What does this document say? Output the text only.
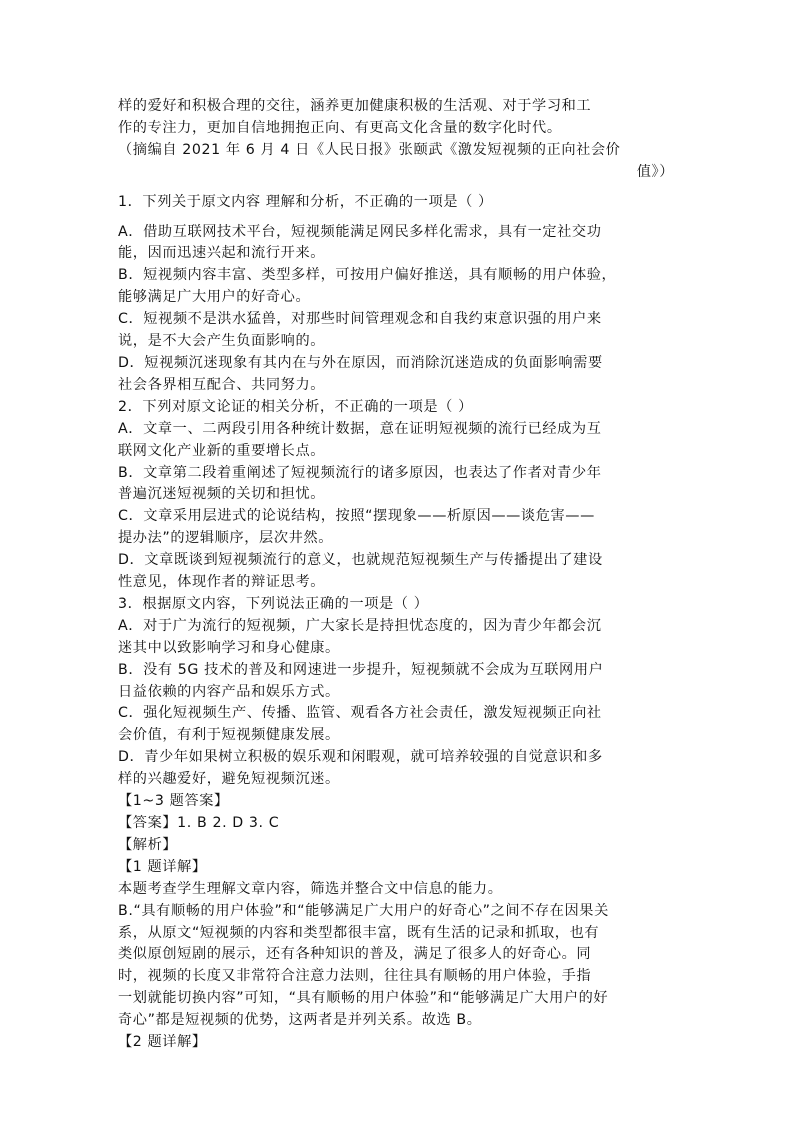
样的爱好和积极合理的交往，涵养更加健康积极的生活观、对于学习和工
作的专注力，更加自信地拥抱正向、有更高文化含量的数字化时代。
（摘编自 2021 年 6 月 4 日《人民日报》张颐武《激发短视频的正向社会价
值》）
1．下列关于原文内容 理解和分析，不正确的一项是（ ）
A．借助互联网技术平台，短视频能满足网民多样化需求，具有一定社交功
能，因而迅速兴起和流行开来。
B．短视频内容丰富、类型多样，可按用户偏好推送，具有顺畅的用户体验，
能够满足广大用户的好奇心。
C．短视频不是洪水猛兽，对那些时间管理观念和自我约束意识强的用户来
说，是不大会产生负面影响的。
D．短视频沉迷现象有其内在与外在原因，而消除沉迷造成的负面影响需要
社会各界相互配合、共同努力。
2．下列对原文论证的相关分析，不正确的一项是（ ）
A．文章一、二两段引用各种统计数据，意在证明短视频的流行已经成为互
联网文化产业新的重要增长点。
B．文章第二段着重阐述了短视频流行的诸多原因，也表达了作者对青少年
普遍沉迷短视频的关切和担忧。
C．文章采用层进式的论说结构，按照“摆现象——析原因——谈危害——
提办法”的逻辑顺序，层次井然。
D．文章既谈到短视频流行的意义，也就规范短视频生产与传播提出了建设
性意见，体现作者的辩证思考。
3．根据原文内容，下列说法正确的一项是（ ）
A．对于广为流行的短视频，广大家长是持担忧态度的，因为青少年都会沉
迷其中以致影响学习和身心健康。
B．没有 5G 技术的普及和网速进一步提升，短视频就不会成为互联网用户
日益依赖的内容产品和娱乐方式。
C．强化短视频生产、传播、监管、观看各方社会责任，激发短视频正向社
会价值，有利于短视频健康发展。
D．青少年如果树立积极的娱乐观和闲暇观，就可培养较强的自觉意识和多
样的兴趣爱好，避免短视频沉迷。
【1~3 题答案】
【答案】1. B 2. D 3. C
【解析】
【1 题详解】
本题考查学生理解文章内容，筛选并整合文中信息的能力。
B.“具有顺畅的用户体验”和“能够满足广大用户的好奇心”之间不存在因果关
系，从原文“短视频的内容和类型都很丰富，既有生活的记录和抓取，也有
类似原创短剧的展示，还有各种知识的普及，满足了很多人的好奇心。同
时，视频的长度又非常符合注意力法则，往往具有顺畅的用户体验，手指
一划就能切换内容”可知，“具有顺畅的用户体验”和“能够满足广大用户的好
奇心”都是短视频的优势，这两者是并列关系。故选 B。
【2 题详解】
